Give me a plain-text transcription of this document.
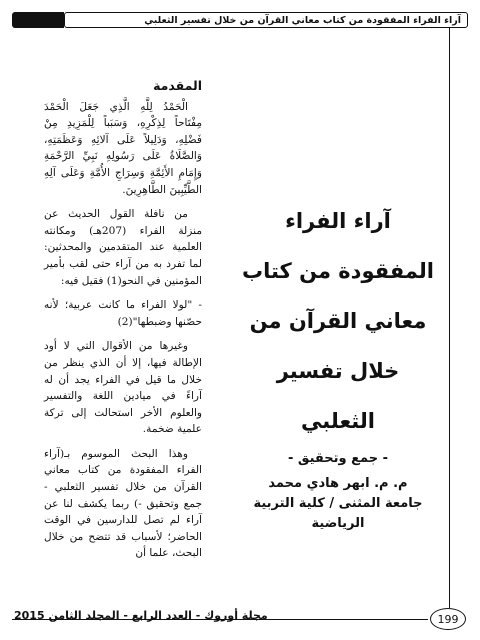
آراء الفراء المفقودة من كتاب معاني القرآن من خلال تفسير الثعلبي

آراء الفراء المفقودة من كتاب معاني القرآن من خلال تفسير الثعلبي

- جمع وتحقيق -

م. م. ابهر هادي محمد

جامعة المثنى / كلية التربية الرياضية

المقدمة

الْحَمْدُ لِلَّهِ الَّذِي جَعَلَ الْحَمْدَ مِفْتَاحاً لِذِكْرِهِ، وَسَبَباً لِلْمَزِيدِ مِنْ فَضْلِهِ، وَدَلِيلاً عَلَى آلائِهِ وَعَظَمَتِهِ، وَالصَّلَاةُ عَلَى رَسُولِهِ نَبِيِّ الرَّحْمَةِ وَإِمَامِ الأَئِمَّةِ وَسِرَاجِ الأُمَّةِ وَعَلَى آلِهِ الطَّيِّبِينَ الطَّاهِرِينَ.

من نافلة القول الحديث عن منزلة الفراء (207هـ) ومكانته العلمية عند المتقدمين والمحدثين: لما تفرد به من آراء حتى لقب بأمير المؤمنين في النحو(1) فقيل فيه:

- "لولا الفراء ما كانت عربية؛ لأنه حصّنها وضبطها"(2)

وغيرها من الأقوال التي لا أود الإطالة فيها، إلا أن الذي ينظر من خلال ما قيل في الفراء يجد أن له آراءً في ميادين اللغة والتفسير والعلوم الأخر استحالت إلى تركة علمية ضخمة.

وهذا البحث الموسوم بـ(آراء الفراء المفقودة من كتاب معاني القرآن من خلال تفسير الثعلبي - جمع وتحقيق -) ربما يكشف لنا عن آراء لم تصل للدارسين في الوقت الحاضر؛ لأسباب قد تتضح من خلال البحث، علما أن

مجلة أوروك - العدد الرابع - المجلد الثامن 2015	199
